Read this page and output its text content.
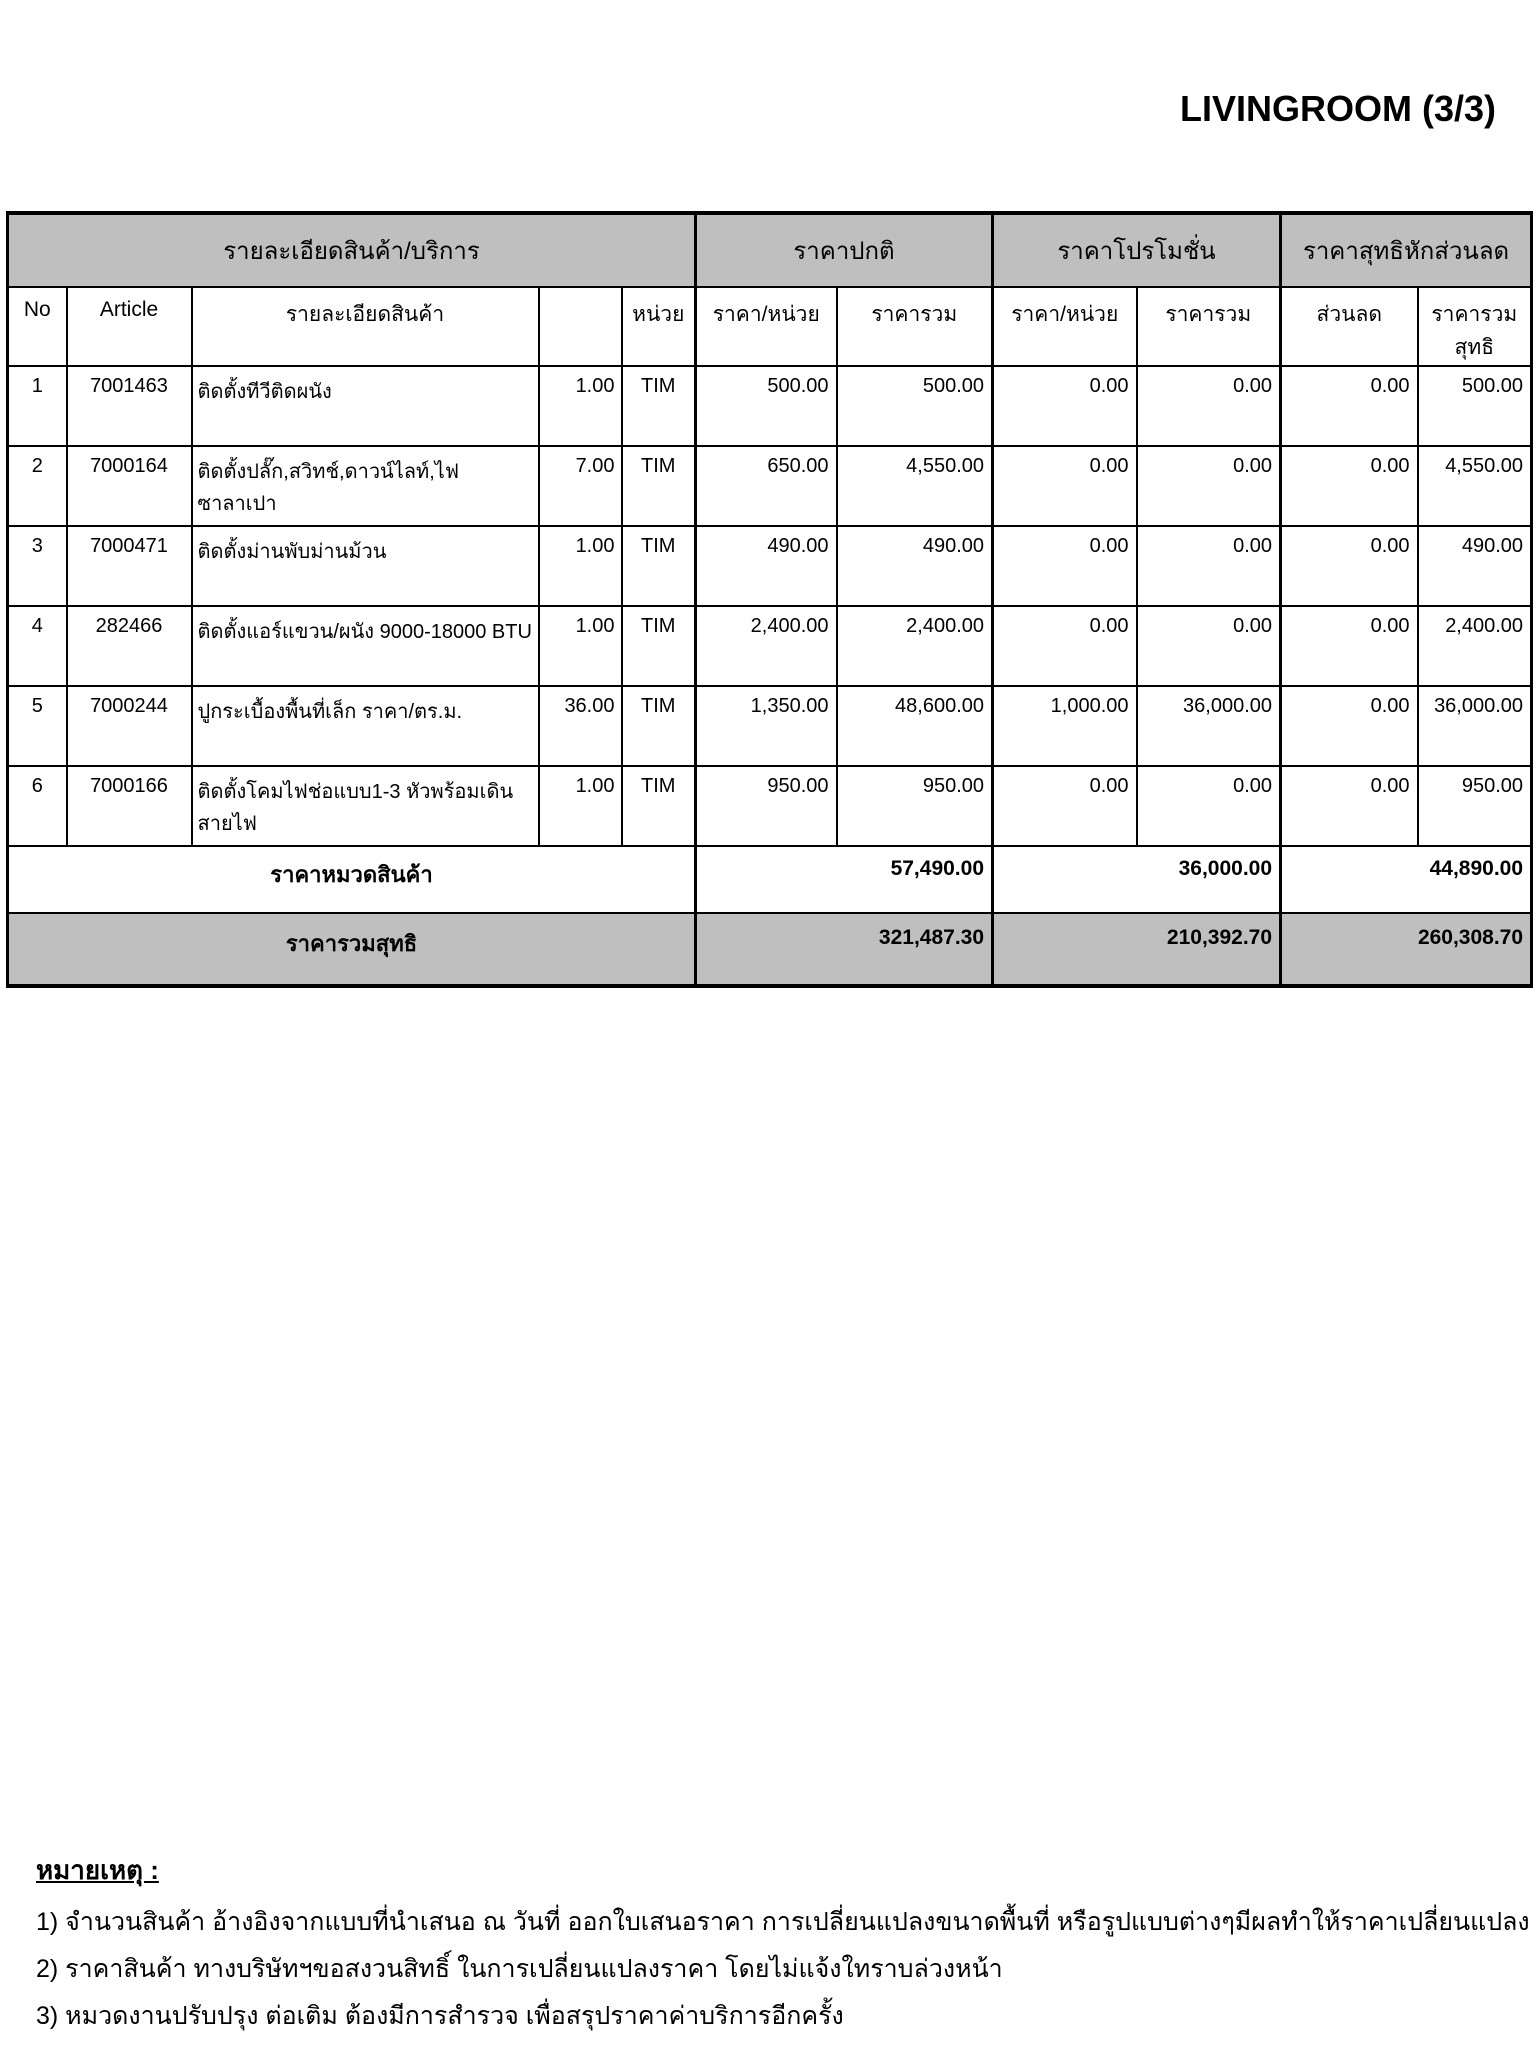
LIVINGROOM (3/3)
รายละเอียดสินค้า/บริการ					ราคาปกติ		ราคาโปรโมชั่น		ราคาสุทธิหักส่วนลด	
No	Article	รายละเอียดสินค้า		หน่วย	ราคา/หน่วย	ราคารวม	ราคา/หน่วย	ราคารวม	ส่วนลด	ราคารวมสุทธิ
1	7001463	ติดตั้งทีวีติดผนัง	1.00	TIM	500.00	500.00	0.00	0.00	0.00	500.00
2	7000164	ติดตั้งปลั๊ก,สวิทช์,ดาวน์ไลท์,ไฟซาลาเปา	7.00	TIM	650.00	4,550.00	0.00	0.00	0.00	4,550.00
3	7000471	ติดตั้งม่านพับม่านม้วน	1.00	TIM	490.00	490.00	0.00	0.00	0.00	490.00
4	282466	ติดตั้งแอร์แขวน/ผนัง 9000-18000 BTU	1.00	TIM	2,400.00	2,400.00	0.00	0.00	0.00	2,400.00
5	7000244	ปูกระเบื้องพื้นที่เล็ก ราคา/ตร.ม.	36.00	TIM	1,350.00	48,600.00	1,000.00	36,000.00	0.00	36,000.00
6	7000166	ติดตั้งโคมไฟช่อแบบ1-3 หัวพร้อมเดินสายไฟ	1.00	TIM	950.00	950.00	0.00	0.00	0.00	950.00
ราคาหมวดสินค้า					57,490.00		36,000.00		44,890.00	
ราคารวมสุทธิ					321,487.30		210,392.70		260,308.70	

หมายเหตุ :

1) จำนวนสินค้า อ้างอิงจากแบบที่นำเสนอ ณ วันที่ ออกใบเสนอราคา การเปลี่ยนแปลงขนาดพื้นที่ หรือรูปแบบต่างๆมีผลทำให้ราคาเปลี่ยนแปลง

2) ราคาสินค้า ทางบริษัทฯขอสงวนสิทธิ์ ในการเปลี่ยนแปลงราคา โดยไม่แจ้งใทราบล่วงหน้า

3) หมวดงานปรับปรุง ต่อเติม ต้องมีการสำรวจ เพื่อสรุปราคาค่าบริการอีกครั้ง
